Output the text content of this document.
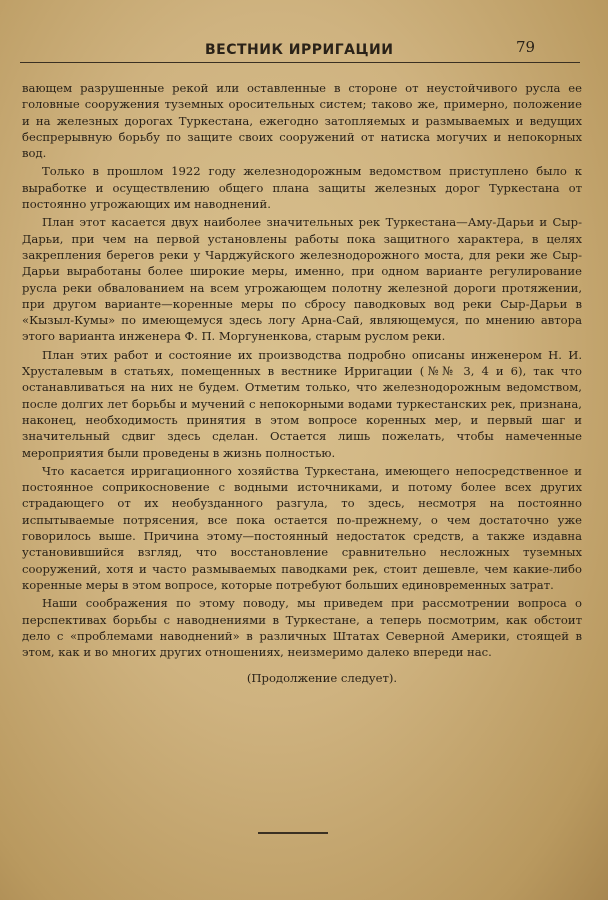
ВЕСТНИК ИРРИГАЦИИ	79

вающем разрушенные рекой или оставленные в стороне от неустойчивого русла ее головные сооружения туземных оросительных систем; таково же, примерно, положение и на железных дорогах Туркестана, ежегодно затопляемых и размываемых и ведущих беспрерывную борьбу по защите своих сооружений от натиска могучих и непокорных вод.

Только в прошлом 1922 году железнодорожным ведомством приступлено было к выработке и осуществлению общего плана защиты железных дорог Туркестана от постоянно угрожающих им наводнений.

План этот касается двух наиболее значительных рек Туркестана—Аму-Дарьи и Сыр-Дарьи, при чем на первой установлены работы пока защитного характера, в целях закрепления берегов реки у Чарджуйского железнодорожного моста, для реки же Сыр-Дарьи выработаны более широкие меры, именно, при одном варианте регулирование русла реки обвалованием на всем угрожающем полотну железной дороги протяжении, при другом варианте—коренные меры по сбросу паводковых вод реки Сыр-Дарьи в «Кызыл-Кумы» по имеющемуся здесь логу Арна-Сай, являющемуся, по мнению автора этого варианта инженера Ф. П. Моргуненкова, старым руслом реки.

План этих работ и состояние их производства подробно описаны инженером Н. И. Хрусталевым в статьях, помещенных в вестнике Ирригации (№№ 3, 4 и 6), так что останавливаться на них не будем. Отметим только, что железнодорожным ведомством, после долгих лет борьбы и мучений с непокорными водами туркестанских рек, признана, наконец, необходимость принятия в этом вопросе коренных мер, и первый шаг и значительный сдвиг здесь сделан. Остается лишь пожелать, чтобы намеченные мероприятия были проведены в жизнь полностью.

Что касается ирригационного хозяйства Туркестана, имеющего непосредственное и постоянное соприкосновение с водными источниками, и потому более всех других страдающего от их необузданного разгула, то здесь, несмотря на постоянно испытываемые потрясения, все пока остается по-прежнему, о чем достаточно уже говорилось выше. Причина этому—постоянный недостаток средств, а также издавна установившийся взгляд, что восстановление сравнительно несложных туземных сооружений, хотя и часто размываемых паводками рек, стоит дешевле, чем какие-либо коренные меры в этом вопросе, которые потребуют больших единовременных затрат.

Наши соображения по этому поводу, мы приведем при рассмотрении вопроса о перспективах борьбы с наводнениями в Туркестане, а теперь посмотрим, как обстоит дело с «проблемами наводнений» в различных Штатах Северной Америки, стоящей в этом, как и во многих других отношениях, неизмеримо далеко впереди нас.

(Продолжение следует).
